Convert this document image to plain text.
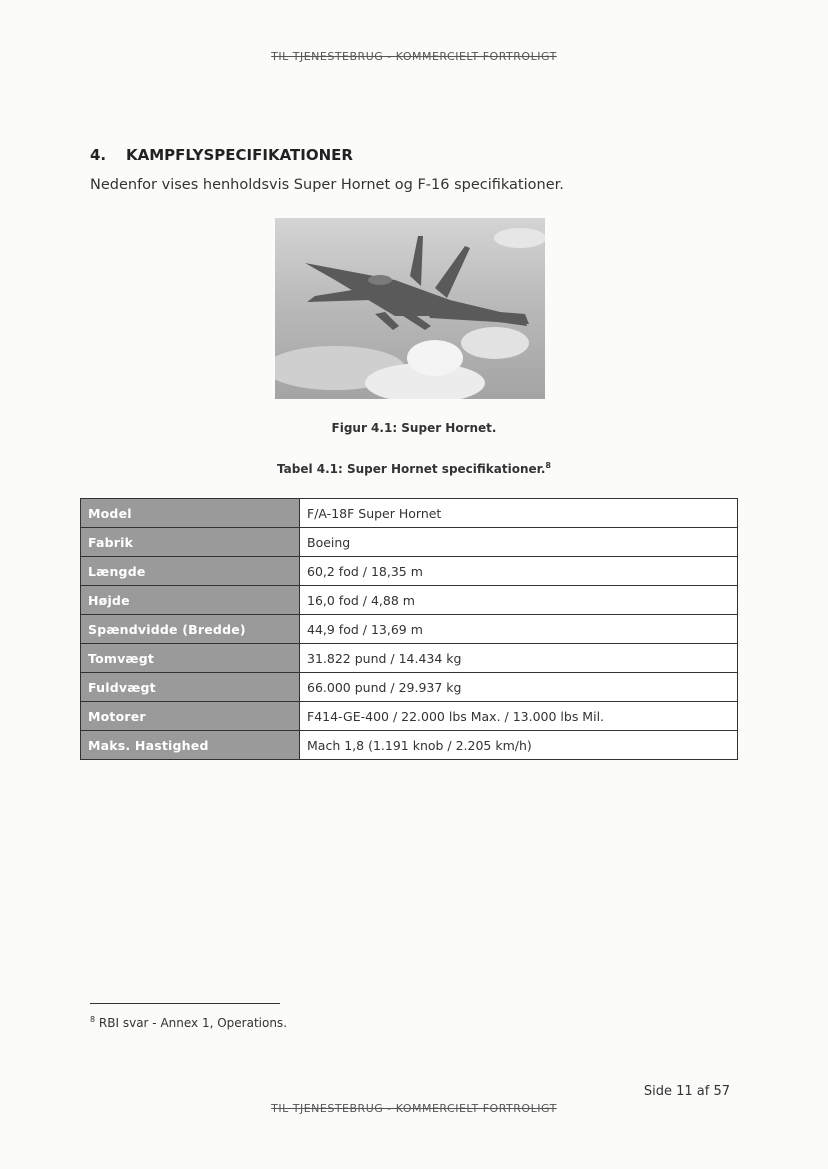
TIL TJENESTEBRUG - KOMMERCIELT FORTROLIGT
4. KAMPFLYSPECIFIKATIONER
Nedenfor vises henholdsvis Super Hornet og F-16 specifikationer.
Figur 4.1: Super Hornet.
Tabel 4.1: Super Hornet specifikationer.$^8$
Model	F/A-18F Super Hornet
Fabrik	Boeing
Længde	60,2 fod / 18,35 m
Højde	16,0 fod / 4,88 m
Spændvidde (Bredde)	44,9 fod / 13,69 m
Tomvægt	31.822 pund / 14.434 kg
Fuldvægt	66.000 pund / 29.937 kg
Motorer	F414-GE-400 / 22.000 lbs Max. / 13.000 lbs Mil.
Maks. Hastighed	Mach 1,8 (1.191 knob / 2.205 km/h)
$^8$ RBI svar - Annex 1, Operations.
Side 11 af 57
TIL TJENESTEBRUG - KOMMERCIELT FORTROLIGT
